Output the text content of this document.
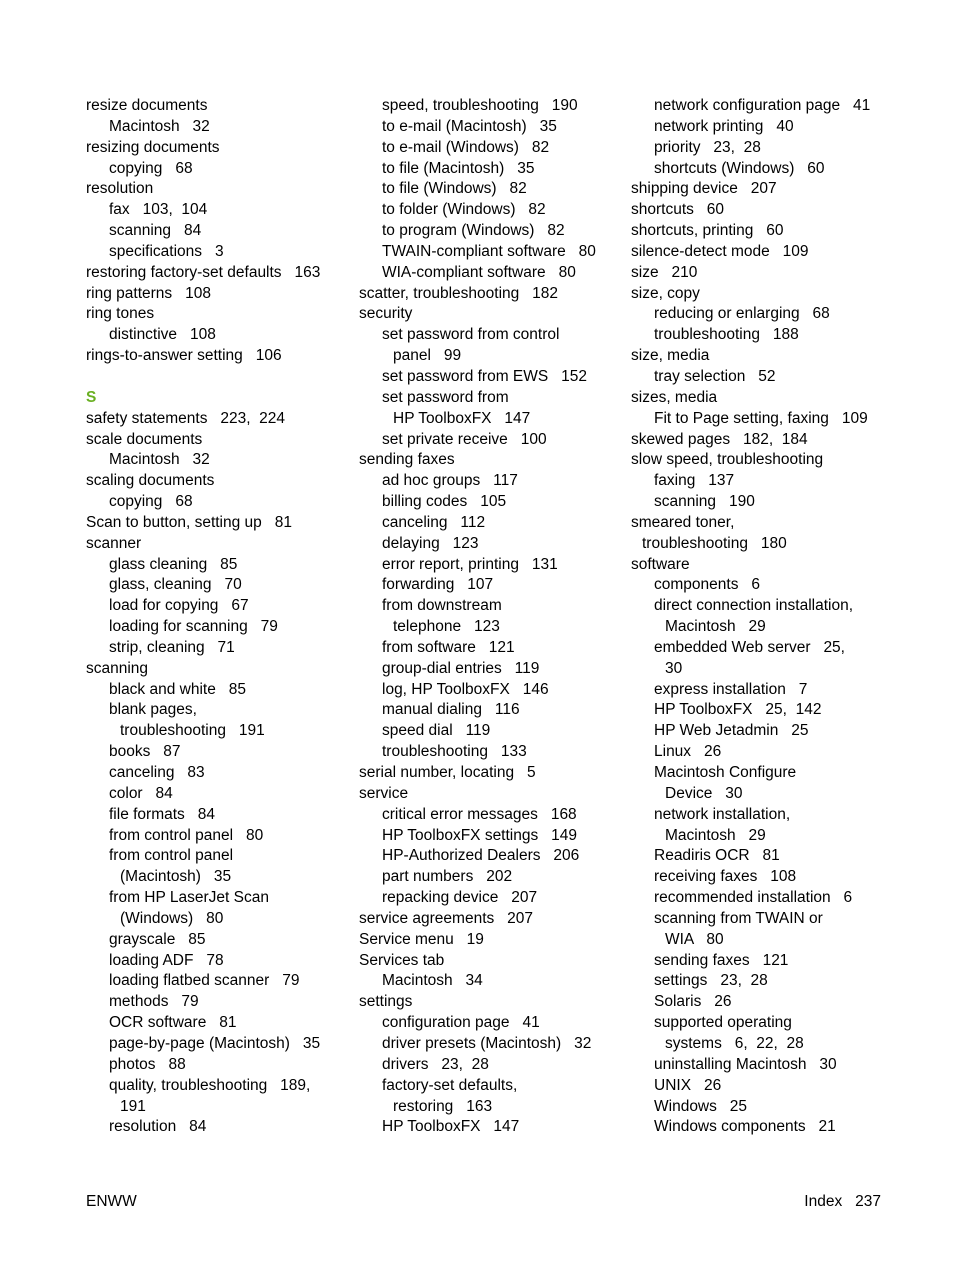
resize documents
Macintosh   32
resizing documents
copying   68
resolution
fax   103,  104
scanning   84
specifications   3
restoring factory-set defaults   163
ring patterns   108
ring tones
distinctive   108
rings-to-answer setting   106
S
safety statements   223,  224
scale documents
Macintosh   32
scaling documents
copying   68
Scan to button, setting up   81
scanner
glass cleaning   85
glass, cleaning   70
load for copying   67
loading for scanning   79
strip, cleaning   71
scanning
black and white   85
blank pages,
troubleshooting   191
books   87
canceling   83
color   84
file formats   84
from control panel   80
from control panel
(Macintosh)   35
from HP LaserJet Scan
(Windows)   80
grayscale   85
loading ADF   78
loading flatbed scanner   79
methods   79
OCR software   81
page-by-page (Macintosh)   35
photos   88
quality, troubleshooting   189,
191
resolution   84
speed, troubleshooting   190
to e-mail (Macintosh)   35
to e-mail (Windows)   82
to file (Macintosh)   35
to file (Windows)   82
to folder (Windows)   82
to program (Windows)   82
TWAIN-compliant software   80
WIA-compliant software   80
scatter, troubleshooting   182
security
set password from control
panel   99
set password from EWS   152
set password from
HP ToolboxFX   147
set private receive   100
sending faxes
ad hoc groups   117
billing codes   105
canceling   112
delaying   123
error report, printing   131
forwarding   107
from downstream
telephone   123
from software   121
group-dial entries   119
log, HP ToolboxFX   146
manual dialing   116
speed dial   119
troubleshooting   133
serial number, locating   5
service
critical error messages   168
HP ToolboxFX settings   149
HP-Authorized Dealers   206
part numbers   202
repacking device   207
service agreements   207
Service menu   19
Services tab
Macintosh   34
settings
configuration page   41
driver presets (Macintosh)   32
drivers   23,  28
factory-set defaults,
restoring   163
HP ToolboxFX   147
network configuration page   41
network printing   40
priority   23,  28
shortcuts (Windows)   60
shipping device   207
shortcuts   60
shortcuts, printing   60
silence-detect mode   109
size   210
size, copy
reducing or enlarging   68
troubleshooting   188
size, media
tray selection   52
sizes, media
Fit to Page setting, faxing   109
skewed pages   182,  184
slow speed, troubleshooting
faxing   137
scanning   190
smeared toner,
troubleshooting   180
software
components   6
direct connection installation,
Macintosh   29
embedded Web server   25,
30
express installation   7
HP ToolboxFX   25,  142
HP Web Jetadmin   25
Linux   26
Macintosh Configure
Device   30
network installation,
Macintosh   29
Readiris OCR   81
receiving faxes   108
recommended installation   6
scanning from TWAIN or
WIA   80
sending faxes   121
settings   23,  28
Solaris   26
supported operating
systems   6,  22,  28
uninstalling Macintosh   30
UNIX   26
Windows   25
Windows components   21
ENWW	Index   237
